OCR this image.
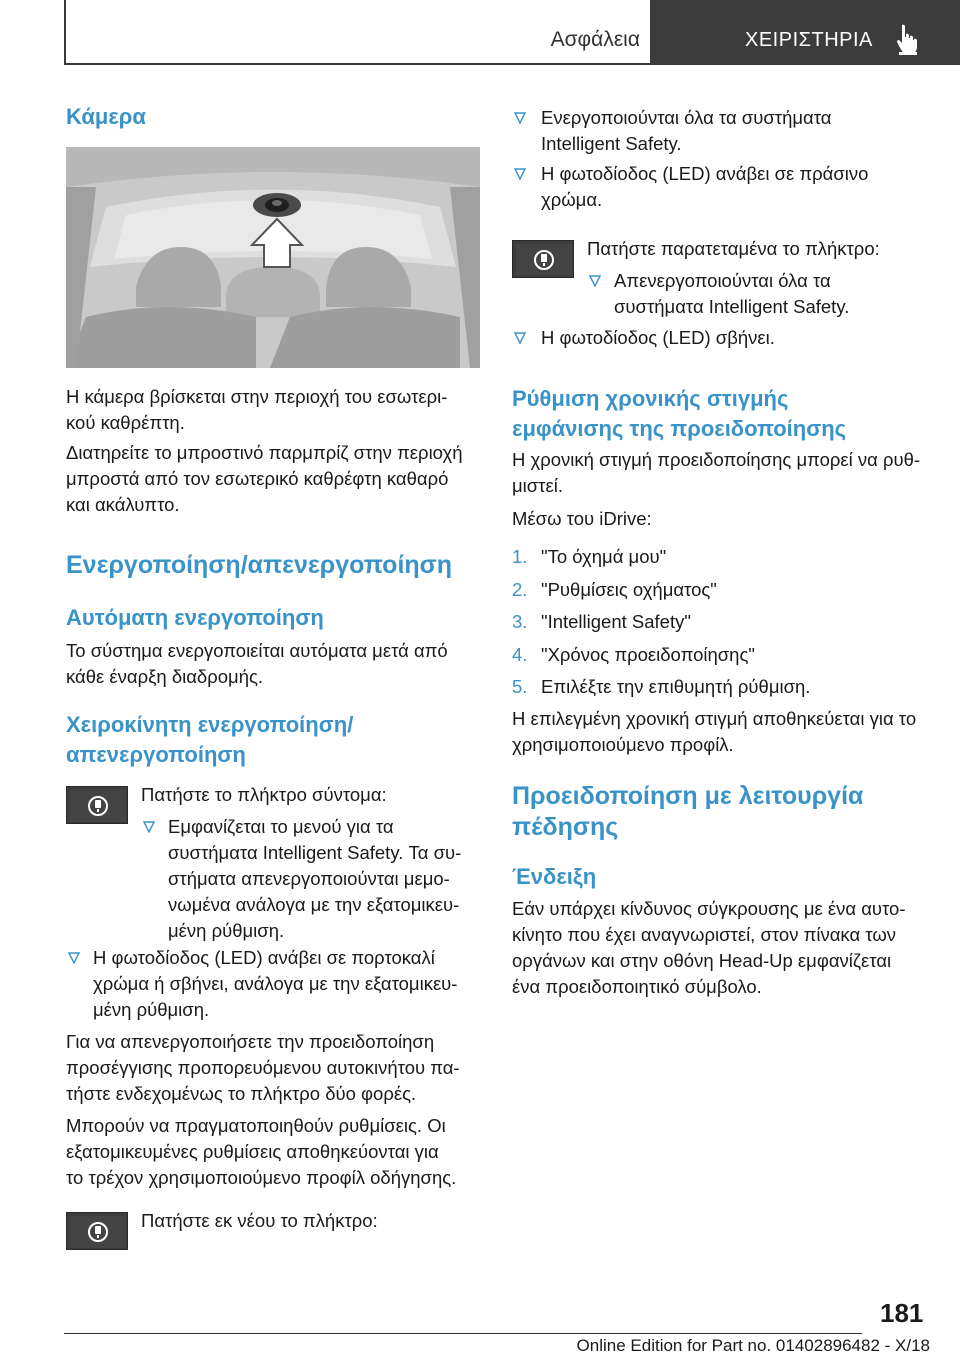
Ασφάλεια	ΧΕΙΡΙΣΤΗΡΙΑ
Κάμερα
Η κάμερα βρίσκεται στην περιοχή του εσωτερι‐
κού καθρέπτη.
Διατηρείτε το μπροστινό παρμπρίζ στην περιοχή
μπροστά από τον εσωτερικό καθρέφτη καθαρό
και ακάλυπτο.
Ενεργοποίηση/απενεργοποίηση
Αυτόματη ενεργοποίηση
Το σύστημα ενεργοποιείται αυτόματα μετά από
κάθε έναρξη διαδρομής.
Χειροκίνητη ενεργοποίηση/
απενεργοποίηση
Πατήστε το πλήκτρο σύντομα:
Εμφανίζεται το μενού για τα
συστήματα Intelligent Safety. Τα συ‐
στήματα απενεργοποιούνται μεμο‐
νωμένα ανάλογα με την εξατομικευ‐
μένη ρύθμιση.
Η φωτοδίοδος (LED) ανάβει σε πορτοκαλί
χρώμα ή σβήνει, ανάλογα με την εξατομικευ‐
μένη ρύθμιση.
Για να απενεργοποιήσετε την προειδοποίηση
προσέγγισης προπορευόμενου αυτοκινήτου πα‐
τήστε ενδεχομένως το πλήκτρο δύο φορές.
Μπορούν να πραγματοποιηθούν ρυθμίσεις. Οι
εξατομικευμένες ρυθμίσεις αποθηκεύονται για
το τρέχον χρησιμοποιούμενο προφίλ οδήγησης.
Πατήστε εκ νέου το πλήκτρο:
Ενεργοποιούνται όλα τα συστήματα
Intelligent Safety.
Η φωτοδίοδος (LED) ανάβει σε πράσινο
χρώμα.
Πατήστε παρατεταμένα το πλήκτρο:
Απενεργοποιούνται όλα τα
συστήματα Intelligent Safety.
Η φωτοδίοδος (LED) σβήνει.
Ρύθμιση χρονικής στιγμής
εμφάνισης της προειδοποίησης
Η χρονική στιγμή προειδοποίησης μπορεί να ρυθ‐
μιστεί.
Μέσω του iDrive:
1. "Το όχημά μου"
2. "Ρυθμίσεις οχήματος"
3. "Intelligent Safety"
4. "Χρόνος προειδοποίησης"
5. Επιλέξτε την επιθυμητή ρύθμιση.
Η επιλεγμένη χρονική στιγμή αποθηκεύεται για το
χρησιμοποιούμενο προφίλ.
Προειδοποίηση με λειτουργία
πέδησης
Ένδειξη
Εάν υπάρχει κίνδυνος σύγκρουσης με ένα αυτο‐
κίνητο που έχει αναγνωριστεί, στον πίνακα των
οργάνων και στην οθόνη Head-Up εμφανίζεται
ένα προειδοποιητικό σύμβολο.
181
Online Edition for Part no. 01402896482 - X/18
